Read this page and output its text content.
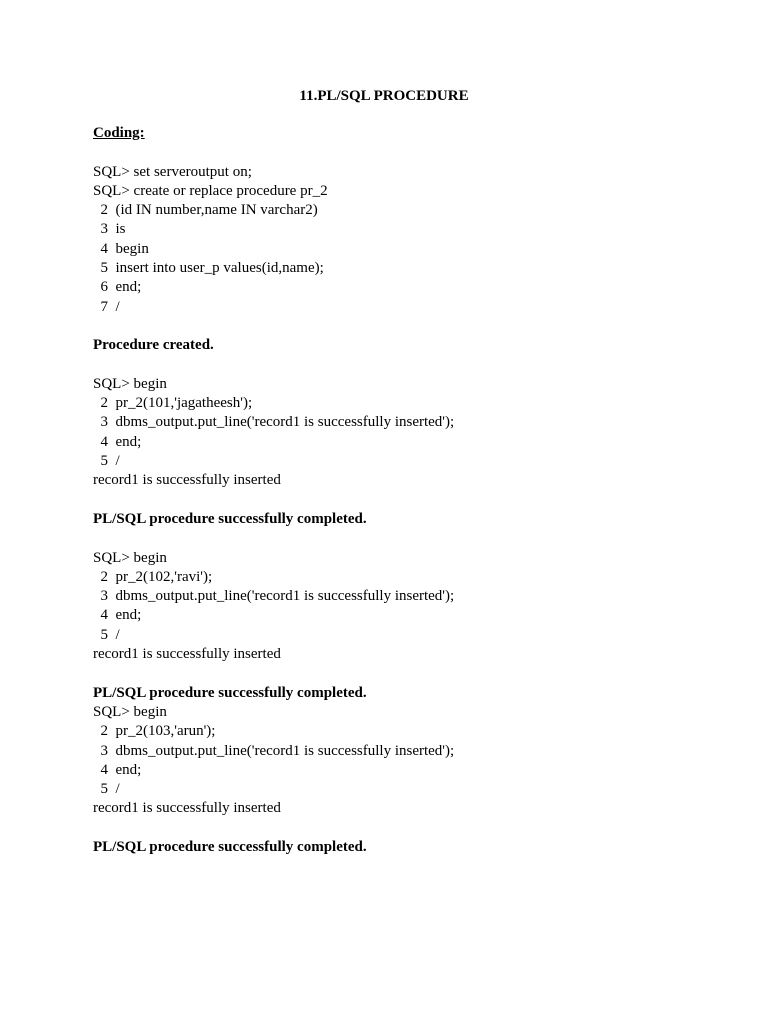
11.PL/SQL PROCEDURE
Coding:
SQL> set serveroutput on;
SQL> create or replace procedure pr_2
2  (id IN number,name IN varchar2)
3  is
4  begin
5  insert into user_p values(id,name);
6  end;
7  /
Procedure created.
SQL> begin
2  pr_2(101,'jagatheesh');
3  dbms_output.put_line('record1 is successfully inserted');
4  end;
5  /
record1 is successfully inserted
PL/SQL procedure successfully completed.
SQL> begin
2  pr_2(102,'ravi');
3  dbms_output.put_line('record1 is successfully inserted');
4  end;
5  /
record1 is successfully inserted
PL/SQL procedure successfully completed.
SQL> begin
2  pr_2(103,'arun');
3  dbms_output.put_line('record1 is successfully inserted');
4  end;
5  /
record1 is successfully inserted
PL/SQL procedure successfully completed.
